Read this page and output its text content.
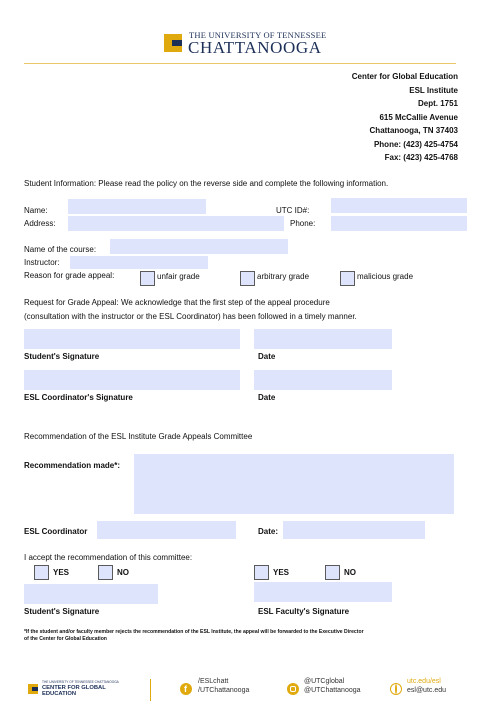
THE UNIVERSITY OF TENNESSEE
CHATTANOOGA
Center for Global Education
ESL Institute
Dept. 1751
615 McCallie Avenue
Chattanooga, TN 37403
Phone: (423) 425-4754
Fax: (423) 425-4768
Student Information: Please read the policy on the reverse side and complete the following information.
Name:	UTC ID#:
Address:	Phone:
Name of the course:
Instructor:
Reason for grade appeal:	unfair grade	arbitrary grade	malicious grade
Request for Grade Appeal: We acknowledge that the first step of the appeal procedure
(consultation with the instructor or the ESL Coordinator) has been followed in a timely manner.
Student's Signature	Date
ESL Coordinator's Signature	Date
Recommendation of the ESL Institute Grade Appeals Committee
Recommendation made*:
ESL Coordinator	Date:
I accept the recommendation of this committee:
YES	NO	YES	NO
Student's Signature	ESL Faculty's Signature
*If the student and/or faculty member rejects the recommendation of the ESL Institute, the appeal will be forwarded to the Executive Director
of the Center for Global Education
THE UNIVERSITY OF TENNESSEE CHATTANOOGA
CENTER FOR GLOBAL
EDUCATION	f
/ESLchatt
/UTChattanooga
@UTCglobal
@UTChattanooga
utc.edu/esl
esl@utc.edu
